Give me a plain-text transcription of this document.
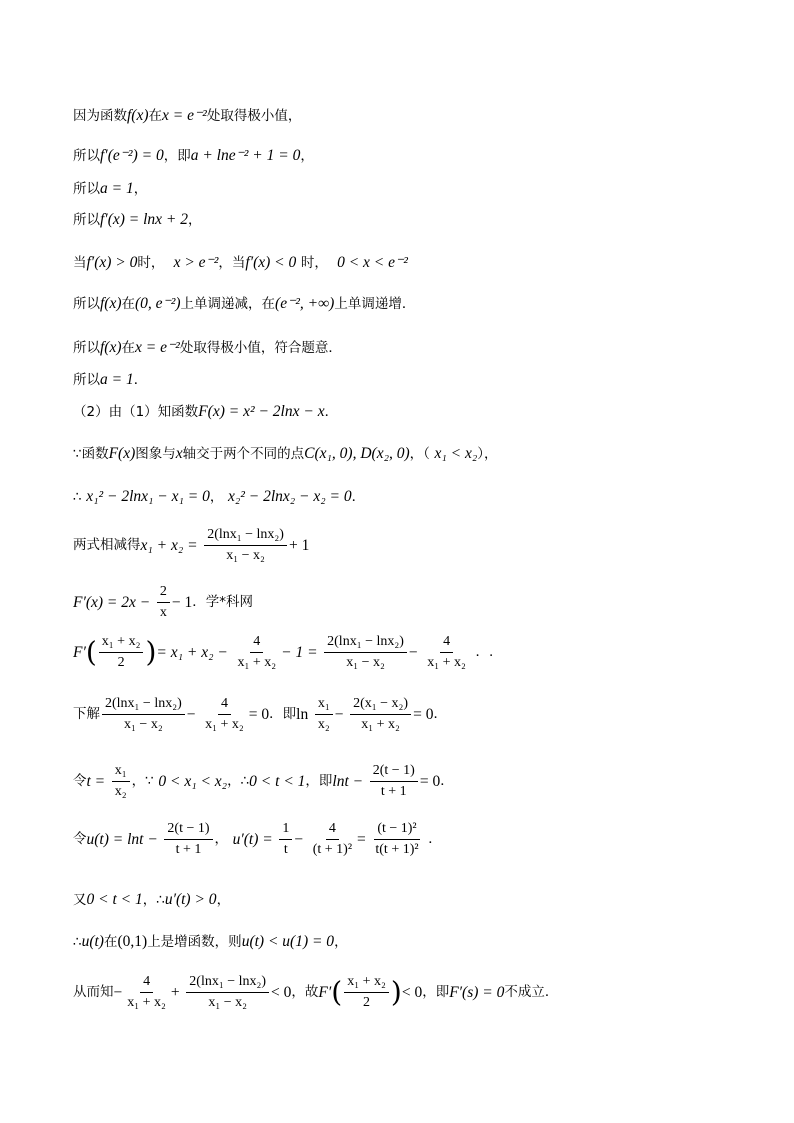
因为函数f(x)在x = e⁻²处取得极小值，
所以f′(e⁻²) = 0，即a + lne⁻² + 1 = 0，
所以a = 1，
所以f′(x) = lnx + 2，
当f′(x) > 0时， x > e⁻²，当f′(x) < 0 时， 0 < x < e⁻²
所以f(x)在(0, e⁻²)上单调递减，在(e⁻², +∞)上单调递增．
所以f(x)在x = e⁻²处取得极小值，符合题意．
所以a = 1．
（2）由（1）知函数F(x) = x² − 2lnx − x．
∵函数F(x)图象与x轴交于两个不同的点C(x₁, 0), D(x₂, 0)，（ x₁ < x₂），
∴ x₁² − 2lnx₁ − x₁ = 0， x₂² − 2lnx₂ − x₂ = 0．
两式相减得$x_1 + x_2 = \frac{\text{2(lnx₁ − lnx₂)}}{\text{x₁ − x₂}} + 1$
$F'(x) = 2x - \frac{2}{x} - 1$．学*科网
$F'( \frac{\text{x₁ + x₂}}{2}$ )= $x_1 + x_2 - \frac{4}{\text{x₁ + x₂}} - 1 = \frac{\text{2(lnx₁ − lnx₂)}}{\text{x₁ − x₂}} - \frac{4}{\text{x₁ + x₂}}$ ．.
下解 $\frac{\text{2(lnx₁ − lnx₂)}}{\text{x₁ − x₂}} - \frac{4}{\text{x₁ + x₂}} = 0$．即$\ln \frac{\text{x₁}}{\text{x₂}} - \frac{\text{2(x₁ − x₂)}}{\text{x₁ + x₂}} = 0$．
令$t = \frac{\text{x₁}}{\text{x₂}}$ ，∵ 0 < x₁ < x₂，∴0 < t < 1，即$\ln t - \frac{2(t - 1)}{t + 1} = 0$．
令$u(t) = \ln t - \frac{2(t - 1)}{t + 1}$ ， $u'(t) = \frac{1}{t} - \frac{4}{\text{(t + 1)²}} = \frac{\text{(t − 1)²}}{\text{t(t + 1)²}}$ ．
又0 < t < 1，∴u′(t) > 0，
∴u(t)在(0,1)上是增函数，则u(t) < u(1) = 0，
从而知− $\frac{4}{\text{x₁ + x₂}} + \frac{\text{2(lnx₁ − lnx₂)}}{\text{x₁ − x₂}} < 0$，故$F'( \frac{\text{x₁ + x₂}}{2}$ )< 0，即F′(s) = 0不成立．
